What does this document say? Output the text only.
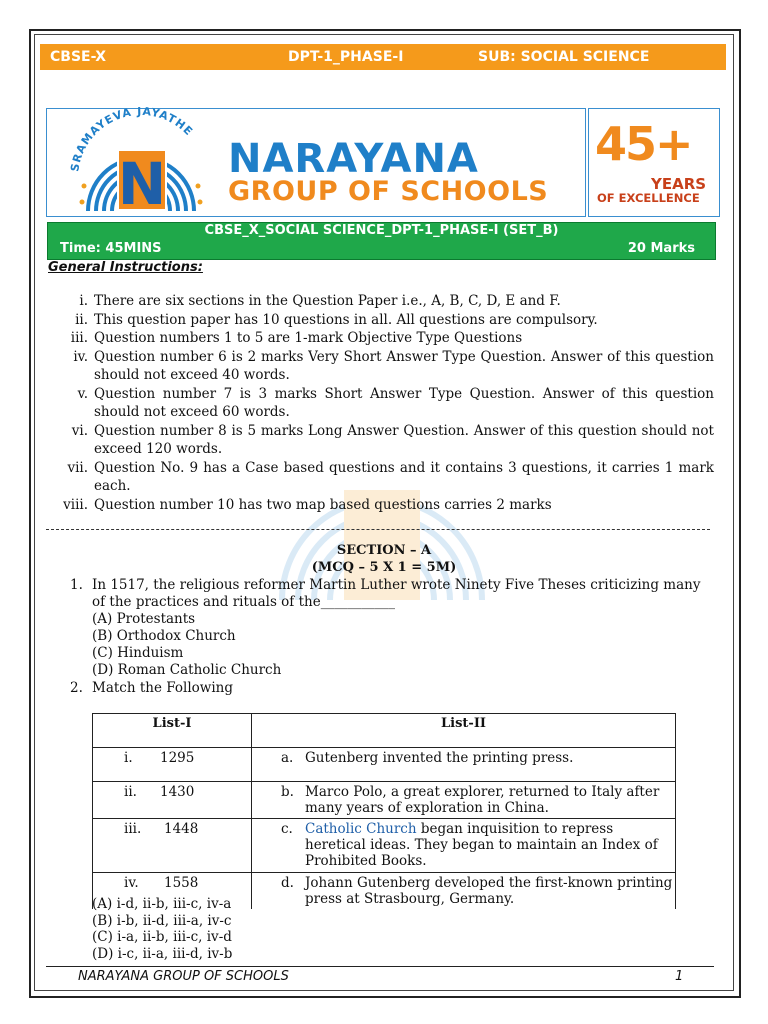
CBSE-X	DPT-1_PHASE-I	SUB: SOCIAL SCIENCE
SRAMAYEVA JAYATHE
N NARAYANA
GROUP OF SCHOOLS
45+
YEARS
OF EXCELLENCE
CBSE_X_SOCIAL SCIENCE_DPT-1_PHASE-I (SET_B)
Time: 45MINS	20 Marks
General Instructions:
i. There are six sections in the Question Paper i.e., A, B, C, D, E and F.
ii. This question paper has 10 questions in all. All questions are compulsory.
iii. Question numbers 1 to 5 are 1-mark Objective Type Questions
iv. Question number 6 is 2 marks Very Short Answer Type Question. Answer of this question should not exceed 40 words.
v. Question number 7 is 3 marks Short Answer Type Question. Answer of this question should not exceed 60 words.
vi. Question number 8 is 5 marks Long Answer Question. Answer of this question should not exceed 120 words.
vii. Question No. 9 has a Case based questions and it contains 3 questions, it carries 1 mark each.
viii. Question number 10 has two map based questions carries 2 marks
SECTION – A
(MCQ – 5 X 1 = 5M)
1. In 1517, the religious reformer Martin Luther wrote Ninety Five Theses criticizing many of the practices and rituals of the___________
(A) Protestants
(B) Orthodox Church
(C) Hinduism
(D) Roman Catholic Church
2. Match the Following
List-I	List-II
i. 1295	a. Gutenberg invented the printing press.

ii. 1430	b. Marco Polo, a great explorer, returned to Italy after many years of exploration in China.

iii. 1448	c. Catholic Church began inquisition to repress heretical ideas. They began to maintain an Index of Prohibited Books.

iv. 1558	d. Johann Gutenberg developed the first-known printing press at Strasbourg, Germany.
(A) i-d, ii-b, iii-c, iv-a
(B) i-b, ii-d, iii-a, iv-c
(C) i-a, ii-b, iii-c, iv-d
(D) i-c, ii-a, iii-d, iv-b
NARAYANA GROUP OF SCHOOLS	1
